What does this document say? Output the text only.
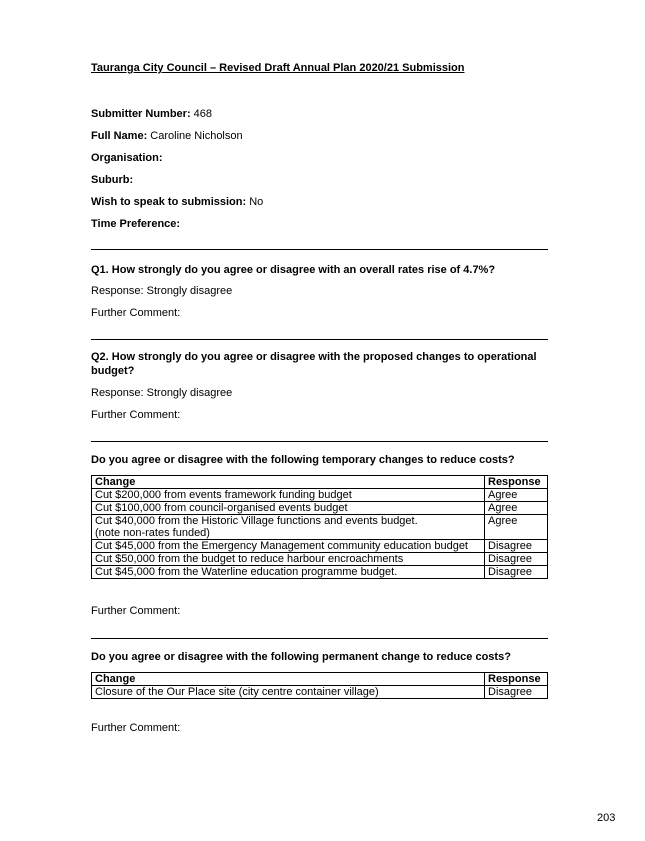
Tauranga City Council – Revised Draft Annual Plan 2020/21 Submission
Submitter Number: 468
Full Name: Caroline Nicholson
Organisation:
Suburb:
Wish to speak to submission: No
Time Preference:
Q1. How strongly do you agree or disagree with an overall rates rise of 4.7%?
Response: Strongly disagree
Further Comment:
Q2. How strongly do you agree or disagree with the proposed changes to operational budget?
Response: Strongly disagree
Further Comment:
Do you agree or disagree with the following temporary changes to reduce costs?
Change	Response
Cut $200,000 from events framework funding budget	Agree
Cut $100,000 from council-organised events budget	Agree

Cut $40,000 from the Historic Village functions and events budget.
(note non-rates funded)	Agree
Cut $45,000 from the Emergency Management community education budget	Disagree
Cut $50,000 from the budget to reduce harbour encroachments	Disagree
Cut $45,000 from the Waterline education programme budget.	Disagree
Further Comment:
Do you agree or disagree with the following permanent change to reduce costs?
Change	Response
Closure of the Our Place site (city centre container village)	Disagree
Further Comment:
203
